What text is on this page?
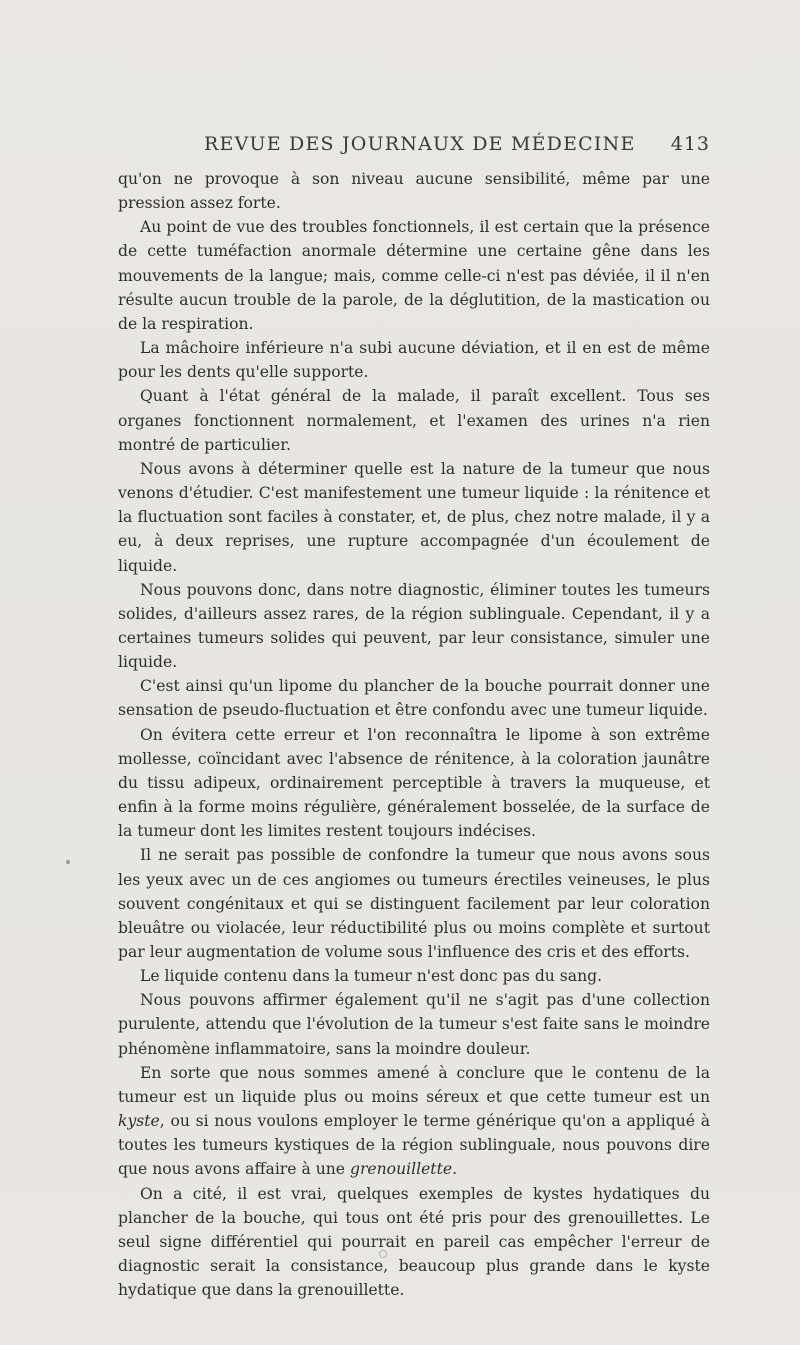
REVUE DES JOURNAUX DE MÉDECINE 413

qu'on ne provoque à son niveau aucune sensibilité, même par une pression assez forte.

Au point de vue des troubles fonctionnels, il est certain que la présence de cette tuméfaction anormale détermine une certaine gêne dans les mouvements de la langue; mais, comme celle-ci n'est pas déviée, il il n'en résulte aucun trouble de la parole, de la déglutition, de la mastication ou de la respiration.

La mâchoire inférieure n'a subi aucune déviation, et il en est de même pour les dents qu'elle supporte.

Quant à l'état général de la malade, il paraît excellent. Tous ses organes fonctionnent normalement, et l'examen des urines n'a rien montré de particulier.

Nous avons à déterminer quelle est la nature de la tumeur que nous venons d'étudier. C'est manifestement une tumeur liquide : la rénitence et la fluctuation sont faciles à constater, et, de plus, chez notre malade, il y a eu, à deux reprises, une rupture accompagnée d'un écoulement de liquide.

Nous pouvons donc, dans notre diagnostic, éliminer toutes les tumeurs solides, d'ailleurs assez rares, de la région sublinguale. Cependant, il y a certaines tumeurs solides qui peuvent, par leur consistance, simuler une liquide.

C'est ainsi qu'un lipome du plancher de la bouche pourrait donner une sensation de pseudo-fluctuation et être confondu avec une tumeur liquide.

On évitera cette erreur et l'on reconnaîtra le lipome à son extrême mollesse, coïncidant avec l'absence de rénitence, à la coloration jaunâtre du tissu adipeux, ordinairement perceptible à travers la muqueuse, et enfin à la forme moins régulière, généralement bosselée, de la surface de la tumeur dont les limites restent toujours indécises.

Il ne serait pas possible de confondre la tumeur que nous avons sous les yeux avec un de ces angiomes ou tumeurs érectiles veineuses, le plus souvent congénitaux et qui se distinguent facilement par leur coloration bleuâtre ou violacée, leur réductibilité plus ou moins complète et surtout par leur augmentation de volume sous l'influence des cris et des efforts.

Le liquide contenu dans la tumeur n'est donc pas du sang.

Nous pouvons affirmer également qu'il ne s'agit pas d'une collection purulente, attendu que l'évolution de la tumeur s'est faite sans le moindre phénomène inflammatoire, sans la moindre douleur.

En sorte que nous sommes amené à conclure que le contenu de la tumeur est un liquide plus ou moins séreux et que cette tumeur est un kyste, ou si nous voulons employer le terme générique qu'on a appliqué à toutes les tumeurs kystiques de la région sublinguale, nous pouvons dire que nous avons affaire à une grenouillette.

On a cité, il est vrai, quelques exemples de kystes hydatiques du plancher de la bouche, qui tous ont été pris pour des grenouillettes. Le seul signe différentiel qui pourrait en pareil cas empêcher l'erreur de diagnostic serait la consistance, beaucoup plus grande dans le kyste hydatique que dans la grenouillette.
